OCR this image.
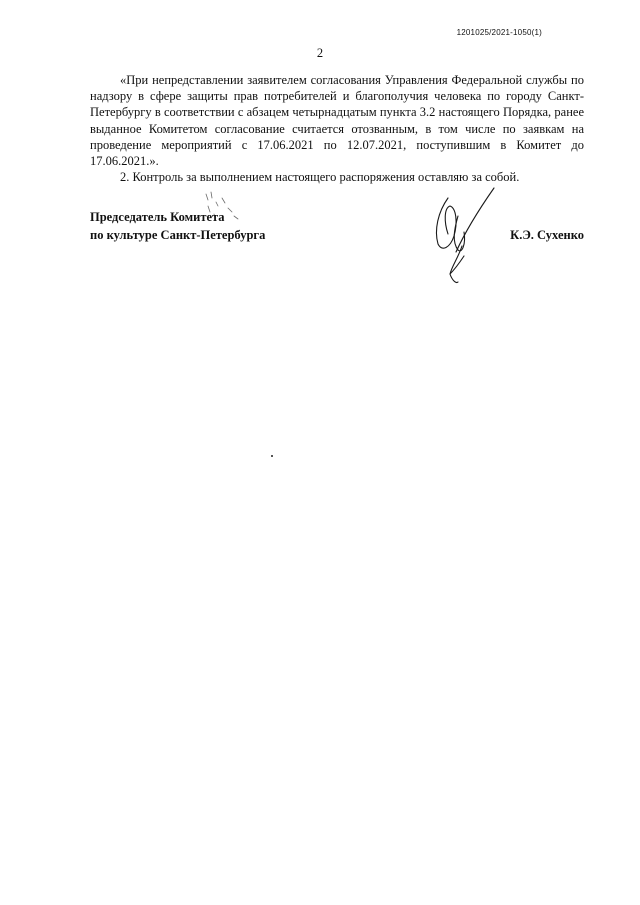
1201025/2021-1050(1)
2

«При непредставлении заявителем согласования Управления Федеральной службы по надзору в сфере защиты прав потребителей и благополучия человека по городу Санкт-Петербургу в соответствии с абзацем четырнадцатым пункта 3.2 настоящего Порядка, ранее выданное Комитетом согласование считается отозванным, в том числе по заявкам на проведение мероприятий с 17.06.2021 по 12.07.2021, поступившим в Комитет до 17.06.2021.».

2. Контроль за выполнением настоящего распоряжения оставляю за собой.

Председатель Комитета
по культуре Санкт-Петербурга	К.Э. Сухенко
